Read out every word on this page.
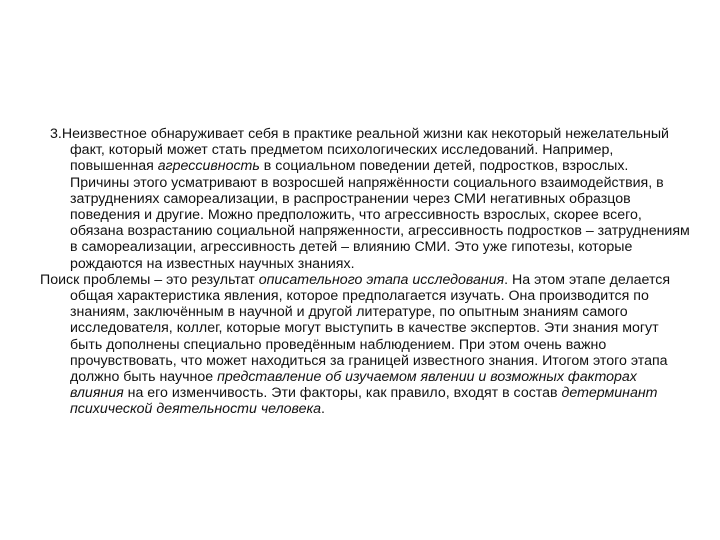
3.Неизвестное обнаруживает себя в практике реальной жизни как некоторый нежелательный факт, который может стать предметом психологических исследований. Например, повышенная агрессивность в социальном поведении детей, подростков, взрослых. Причины этого усматривают в возросшей напряжённости социального взаимодействия, в затруднениях самореализации, в распространении через СМИ негативных образцов поведения и другие. Можно предположить, что агрессивность взрослых, скорее всего, обязана возрастанию социальной напряженности, агрессивность подростков – затруднениям в самореализации, агрессивность детей – влиянию СМИ. Это уже гипотезы, которые рождаются на известных научных знаниях.

Поиск проблемы – это результат описательного этапа исследования. На этом этапе делается общая характеристика явления, которое предполагается изучать. Она производится по знаниям, заключённым в научной и другой литературе, по опытным знаниям самого исследователя, коллег, которые могут выступить в качестве экспертов. Эти знания могут быть дополнены специально проведённым наблюдением. При этом очень важно прочувствовать, что может находиться за границей известного знания. Итогом этого этапа должно быть научное представление об изучаемом явлении и возможных факторах влияния на его изменчивость. Эти факторы, как правило, входят в состав детерминант психической деятельности человека.
